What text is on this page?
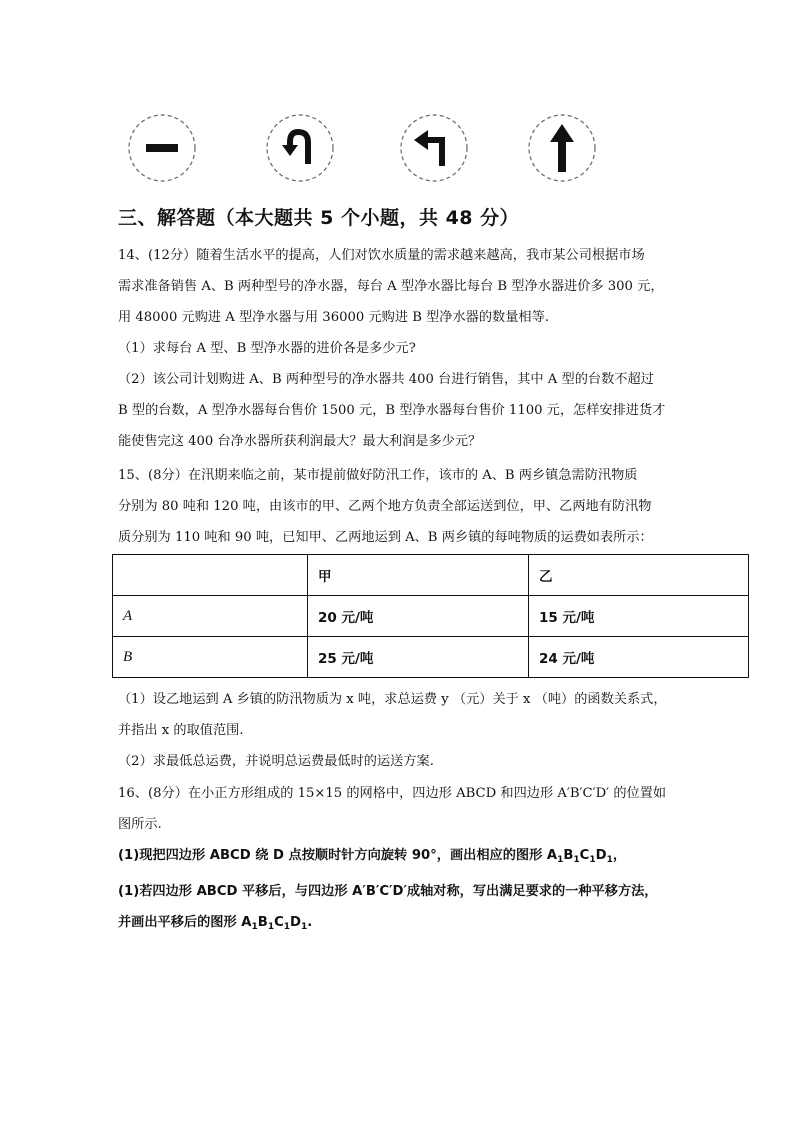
三、解答题（本大题共 5 个小题，共 48 分）
14、(12分）随着生活水平的提高，人们对饮水质量的需求越来越高，我市某公司根据市场
需求准备销售 A、B 两种型号的净水器，每台 A 型净水器比每台 B 型净水器进价多 300 元，
用 48000 元购进 A 型净水器与用 36000 元购进 B 型净水器的数量相等.
（1）求每台 A 型、B 型净水器的进价各是多少元?
（2）该公司计划购进 A、B 两种型号的净水器共 400 台进行销售，其中 A 型的台数不超过
B 型的台数，A 型净水器每台售价 1500 元，B 型净水器每台售价 1100 元，怎样安排进货才
能使售完这 400 台净水器所获利润最大？最大利润是多少元？
15、(8分）在汛期来临之前，某市提前做好防汛工作，该市的 A、B 两乡镇急需防汛物质
分别为 80 吨和 120 吨，由该市的甲、乙两个地方负责全部运送到位，甲、乙两地有防汛物
质分别为 110 吨和 90 吨，已知甲、乙两地运到 A、B 两乡镇的每吨物质的运费如表所示：
	甲	乙
A	20 元/吨	15 元/吨
B	25 元/吨	24 元/吨
（1）设乙地运到 A 乡镇的防汛物质为 x 吨，求总运费 y （元）关于 x （吨）的函数关系式，
并指出 x 的取值范围.
（2）求最低总运费，并说明总运费最低时的运送方案.
16、(8分）在小正方形组成的 15×15 的网格中，四边形 ABCD 和四边形 A′B′C′D′ 的位置如
图所示.
(1)现把四边形 ABCD 绕 D 点按顺时针方向旋转 90°，画出相应的图形 $A_1B_1C_1D_1$，
(1)若四边形 ABCD 平移后，与四边形 A′B′C′D′成轴对称，写出满足要求的一种平移方法，
并画出平移后的图形 $A_1B_1C_1D_1$.
